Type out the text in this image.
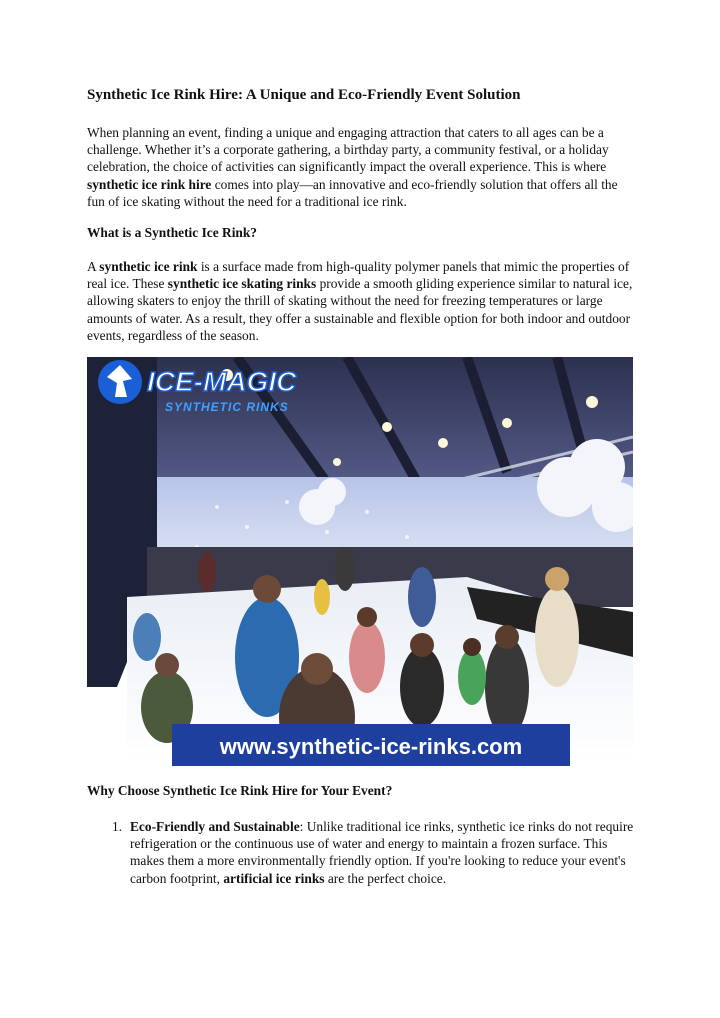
Synthetic Ice Rink Hire: A Unique and Eco-Friendly Event Solution

When planning an event, finding a unique and engaging attraction that caters to all ages can be a challenge. Whether it’s a corporate gathering, a birthday party, a community festival, or a holiday celebration, the choice of activities can significantly impact the overall experience. This is where synthetic ice rink hire comes into play—an innovative and eco-friendly solution that offers all the fun of ice skating without the need for a traditional ice rink.

What is a Synthetic Ice Rink?

A synthetic ice rink is a surface made from high-quality polymer panels that mimic the properties of real ice. These synthetic ice skating rinks provide a smooth gliding experience similar to natural ice, allowing skaters to enjoy the thrill of skating without the need for freezing temperatures or large amounts of water. As a result, they offer a sustainable and flexible option for both indoor and outdoor events, regardless of the season.

ICE-MAGIC
SYNTHETIC RINKS
www.synthetic-ice-rinks.com
Why Choose Synthetic Ice Rink Hire for Your Event?
1. Eco-Friendly and Sustainable: Unlike traditional ice rinks, synthetic ice rinks do not require refrigeration or the continuous use of water and energy to maintain a frozen surface. This makes them a more environmentally friendly option. If you're looking to reduce your event's carbon footprint, artificial ice rinks are the perfect choice.
